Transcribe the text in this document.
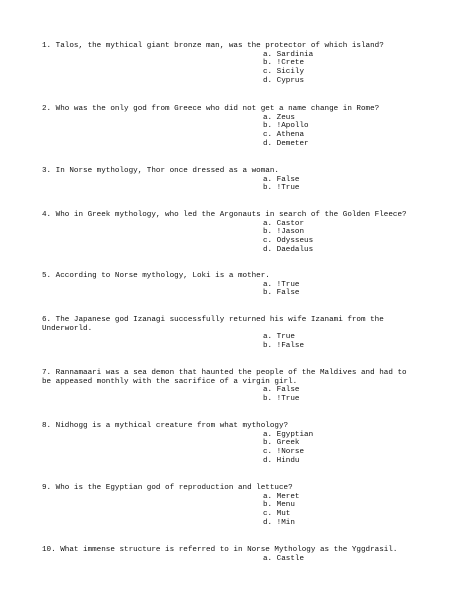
1. Talos, the mythical giant bronze man, was the protector of which island?

a. Sardinia
b. !Crete
c. Sicily
d. Cyprus

2. Who was the only god from Greece who did not get a name change in Rome?

a. Zeus
b. !Apollo
c. Athena
d. Demeter

3. In Norse mythology, Thor once dressed as a woman.

a. False
b. !True

4. Who in Greek mythology, who led the Argonauts in search of the Golden Fleece?

a. Castor
b. !Jason
c. Odysseus
d. Daedalus

5. According to Norse mythology, Loki is a mother.

a. !True
b. False

6. The Japanese god Izanagi successfully returned his wife Izanami from the Underworld.

a. True
b. !False

7. Rannamaari was a sea demon that haunted the people of the Maldives and had to be appeased monthly with the sacrifice of a virgin girl.

a. False
b. !True

8. Nidhogg is a mythical creature from what mythology?

a. Egyptian
b. Greek
c. !Norse
d. Hindu

9. Who is the Egyptian god of reproduction and lettuce?

a. Meret
b. Menu
c. Mut
d. !Min

10. What immense structure is referred to in Norse Mythology as the Yggdrasil.

a. Castle
